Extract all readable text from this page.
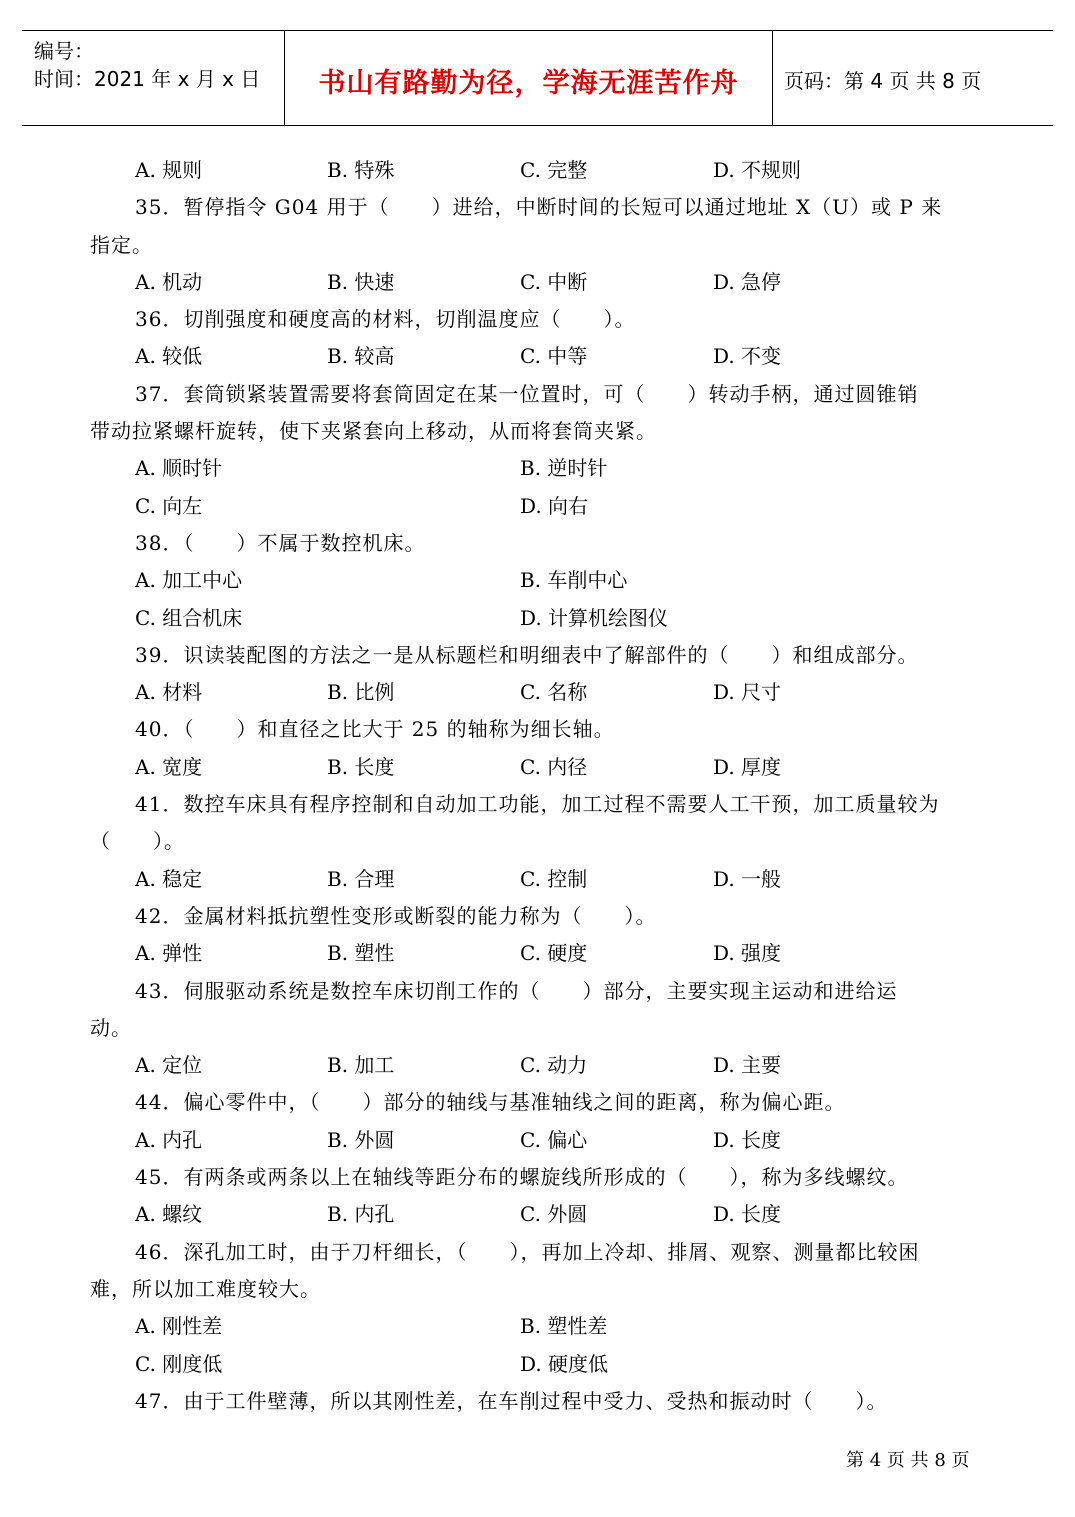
编号：
时间：2021 年 x 月 x 日	书山有路勤为径，学海无涯苦作舟	页码：第 4 页 共 8 页
A. 规则	B. 特殊	C. 完整	D. 不规则
35．暂停指令 G04 用于（　　）进给，中断时间的长短可以通过地址 X（U）或 P 来
指定。
A. 机动	B. 快速	C. 中断	D. 急停
36．切削强度和硬度高的材料，切削温度应（　　）。
A. 较低	B. 较高	C. 中等	D. 不变
37．套筒锁紧装置需要将套筒固定在某一位置时，可（　　）转动手柄，通过圆锥销
带动拉紧螺杆旋转，使下夹紧套向上移动，从而将套筒夹紧。
A. 顺时针	B. 逆时针
C. 向左	D. 向右
38．（　　）不属于数控机床。
A. 加工中心	B. 车削中心
C. 组合机床	D. 计算机绘图仪
39．识读装配图的方法之一是从标题栏和明细表中了解部件的（　　）和组成部分。
A. 材料	B. 比例	C. 名称	D. 尺寸
40．（　　）和直径之比大于 25 的轴称为细长轴。
A. 宽度	B. 长度	C. 内径	D. 厚度
41．数控车床具有程序控制和自动加工功能，加工过程不需要人工干预，加工质量较为
（　　）。
A. 稳定	B. 合理	C. 控制	D. 一般
42．金属材料抵抗塑性变形或断裂的能力称为（　　）。
A. 弹性	B. 塑性	C. 硬度	D. 强度
43．伺服驱动系统是数控车床切削工作的（　　）部分，主要实现主运动和进给运
动。
A. 定位	B. 加工	C. 动力	D. 主要
44．偏心零件中，（　　）部分的轴线与基准轴线之间的距离，称为偏心距。
A. 内孔	B. 外圆	C. 偏心	D. 长度
45．有两条或两条以上在轴线等距分布的螺旋线所形成的（　　），称为多线螺纹。
A. 螺纹	B. 内孔	C. 外圆	D. 长度
46．深孔加工时，由于刀杆细长，（　　），再加上冷却、排屑、观察、测量都比较困
难，所以加工难度较大。
A. 刚性差	B. 塑性差
C. 刚度低	D. 硬度低
47．由于工件壁薄，所以其刚性差，在车削过程中受力、受热和振动时（　　）。
第 4 页 共 8 页
